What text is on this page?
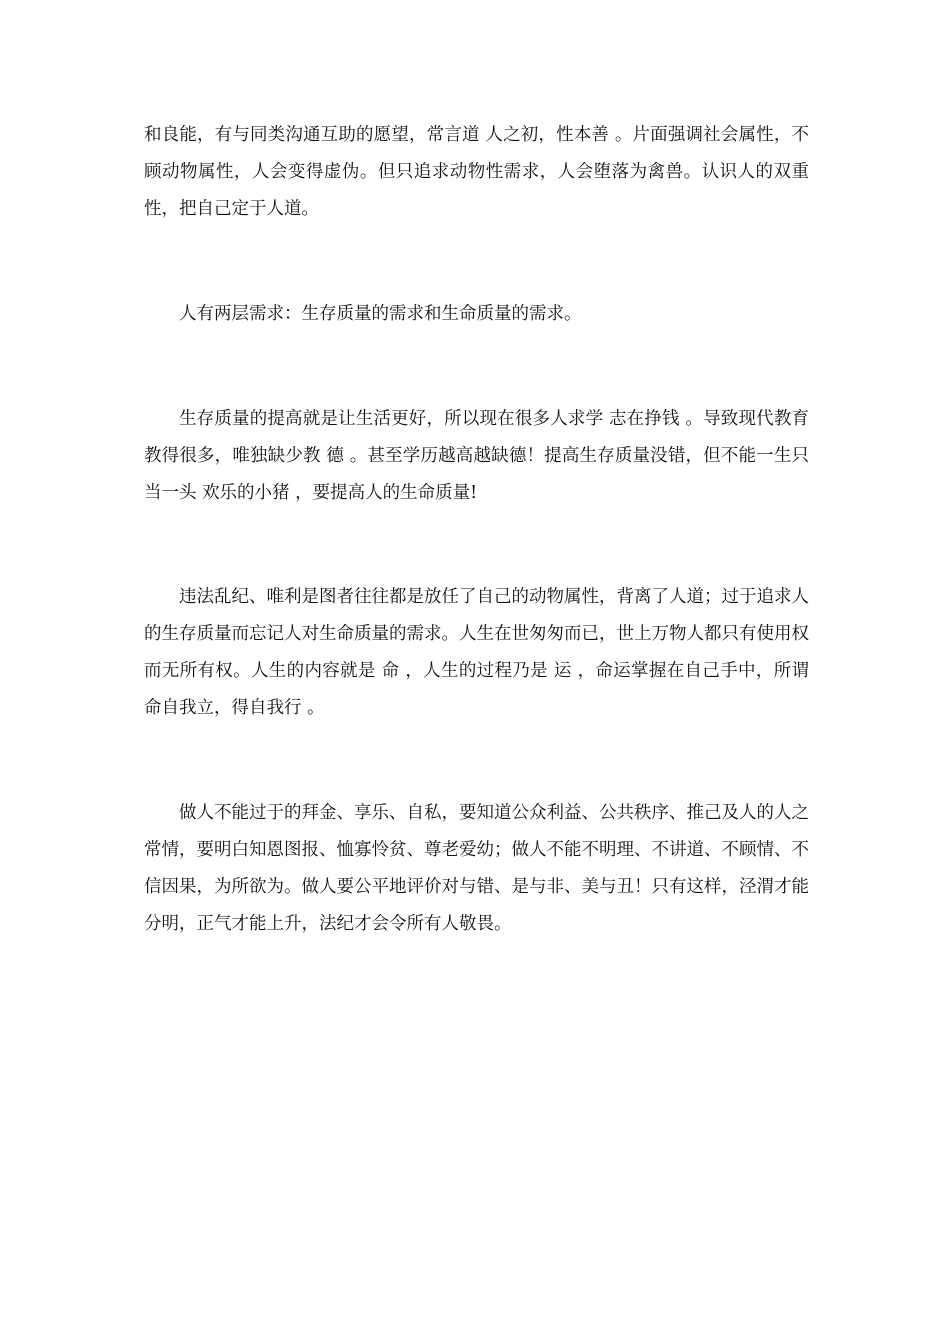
和良能，有与同类沟通互助的愿望，常言道 人之初，性本善 。片面强调社会属性，不顾动物属性，人会变得虚伪。但只追求动物性需求，人会堕落为禽兽。认识人的双重性，把自己定于人道。

人有两层需求：生存质量的需求和生命质量的需求。

生存质量的提高就是让生活更好，所以现在很多人求学 志在挣钱 。导致现代教育教得很多，唯独缺少教 德 。甚至学历越高越缺德！提高生存质量没错，但不能一生只当一头 欢乐的小猪 ，要提高人的生命质量!

违法乱纪、唯利是图者往往都是放任了自己的动物属性，背离了人道；过于追求人的生存质量而忘记人对生命质量的需求。人生在世匆匆而已，世上万物人都只有使用权而无所有权。人生的内容就是 命 ，人生的过程乃是 运 ，命运掌握在自己手中，所谓 命自我立，得自我行 。

做人不能过于的拜金、享乐、自私，要知道公众利益、公共秩序、推己及人的人之常情，要明白知恩图报、恤寡怜贫、尊老爱幼；做人不能不明理、不讲道、不顾情、不信因果，为所欲为。做人要公平地评价对与错、是与非、美与丑！只有这样，泾渭才能分明，正气才能上升，法纪才会令所有人敬畏。
